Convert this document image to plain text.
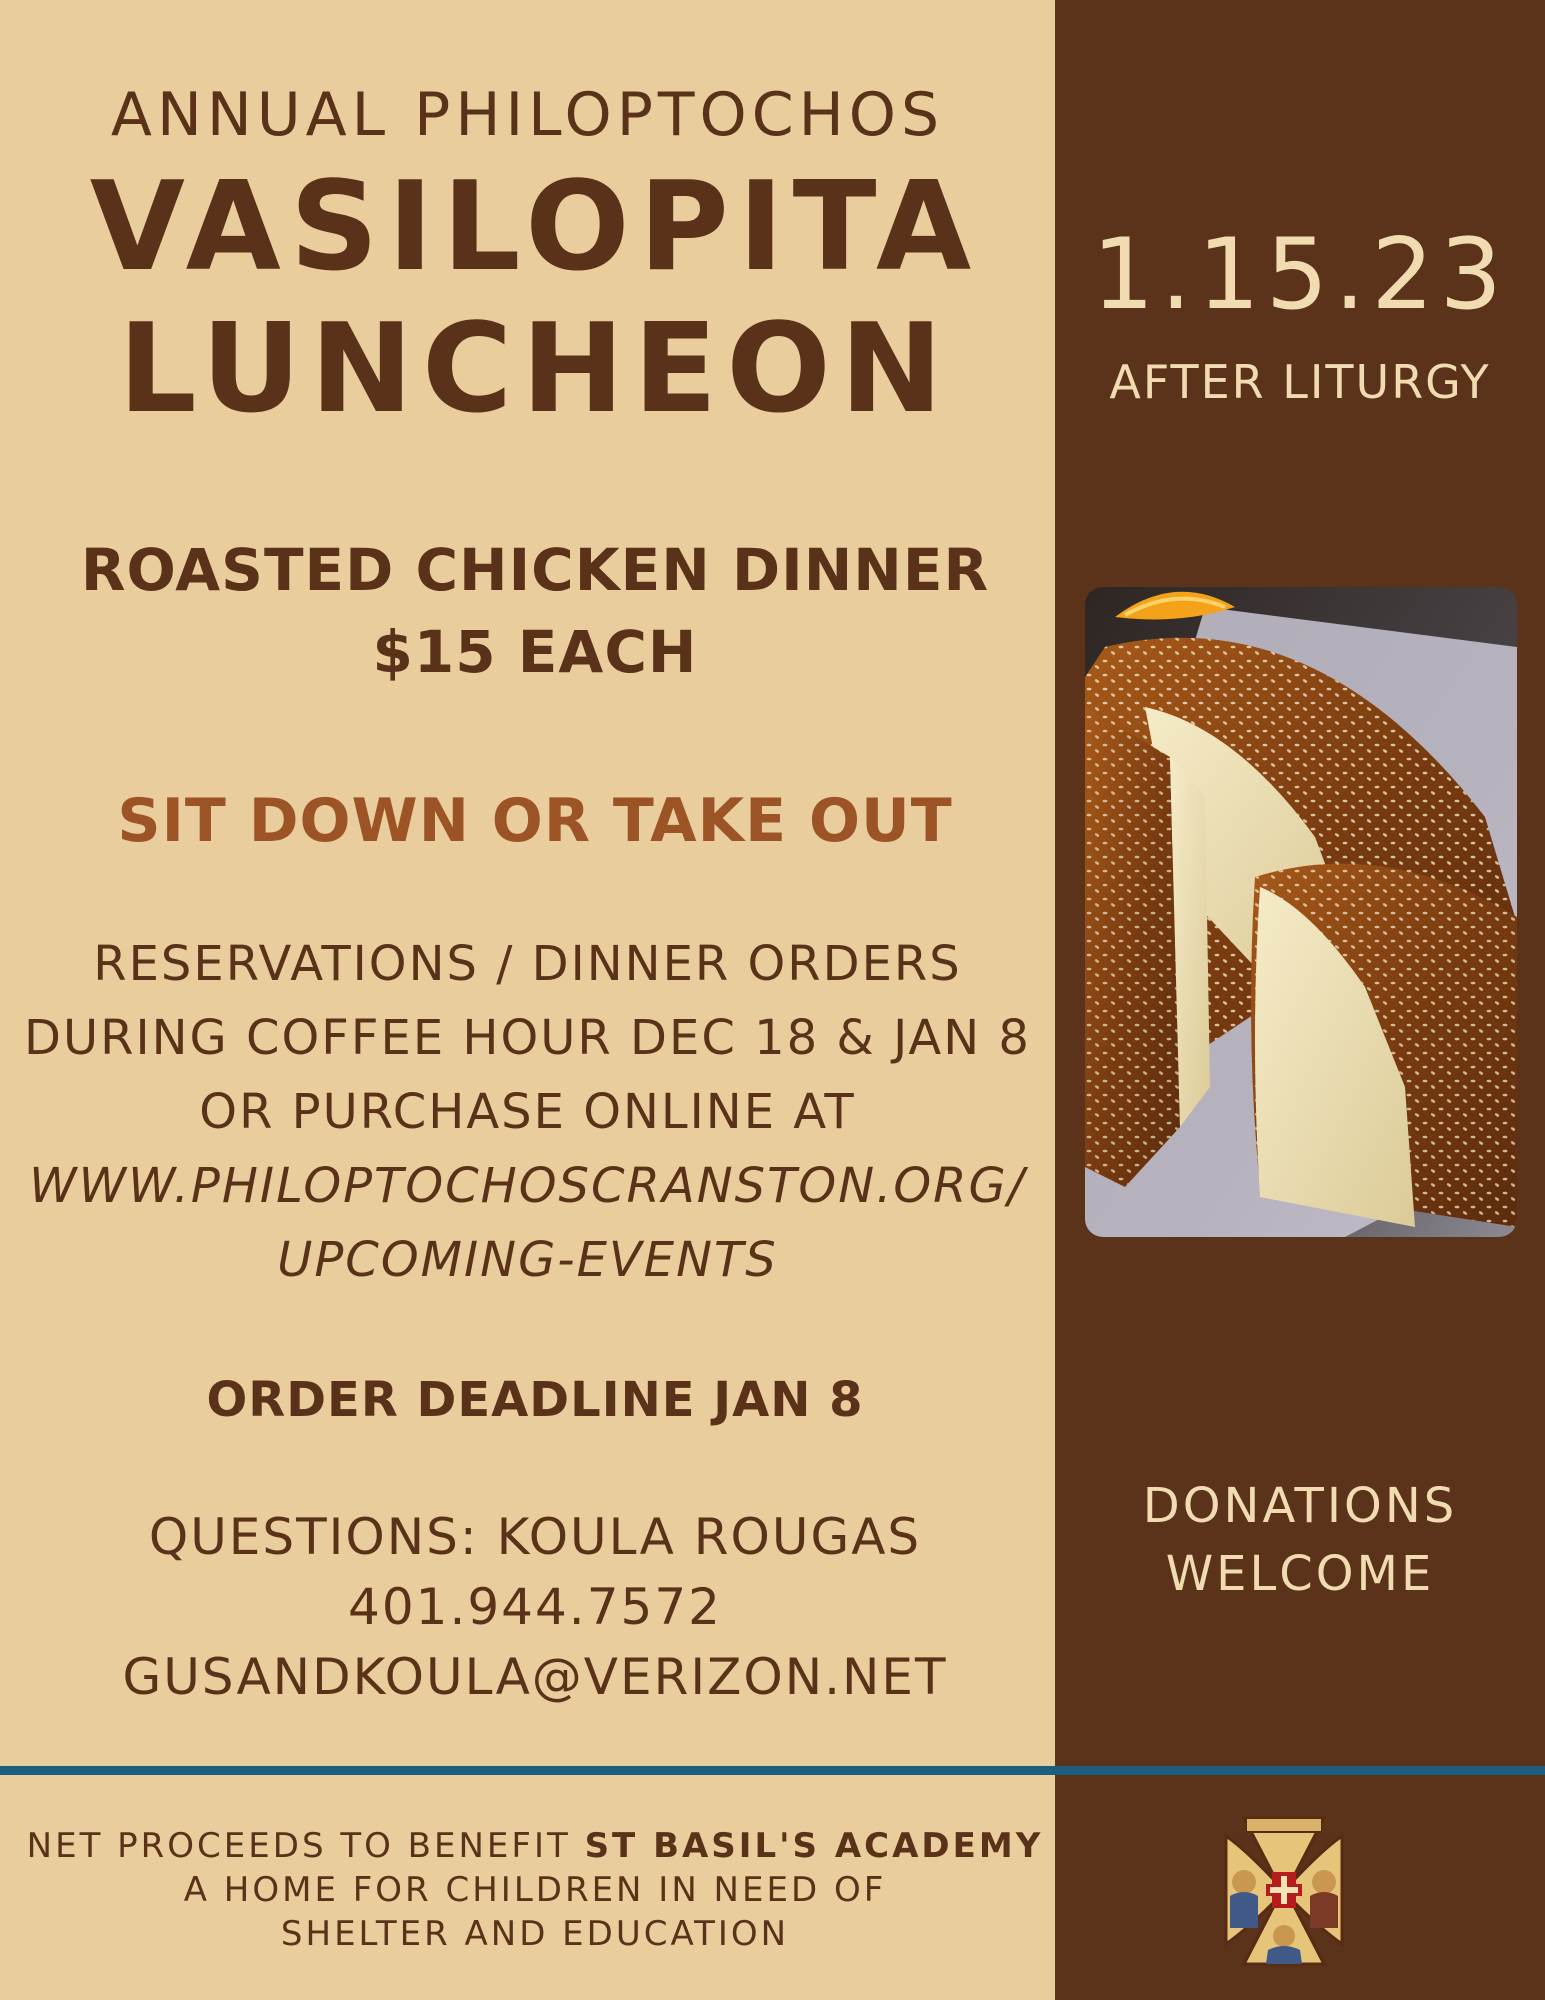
ANNUAL PHILOPTOCHOS

VASILOPITA

LUNCHEON

ROASTED CHICKEN DINNER

$15 EACH

SIT DOWN OR TAKE OUT

RESERVATIONS / DINNER ORDERS

DURING COFFEE HOUR DEC 18 & JAN 8

OR PURCHASE ONLINE AT

WWW.PHILOPTOCHOSCRANSTON.ORG/

UPCOMING-EVENTS

ORDER DEADLINE JAN 8

QUESTIONS: KOULA ROUGAS

401.944.7572

GUSANDKOULA@VERIZON.NET

1.15.23

AFTER LITURGY

DONATIONS

WELCOME

NET PROCEEDS TO BENEFIT ST BASIL'S ACADEMY

A HOME FOR CHILDREN IN NEED OF

SHELTER AND EDUCATION
